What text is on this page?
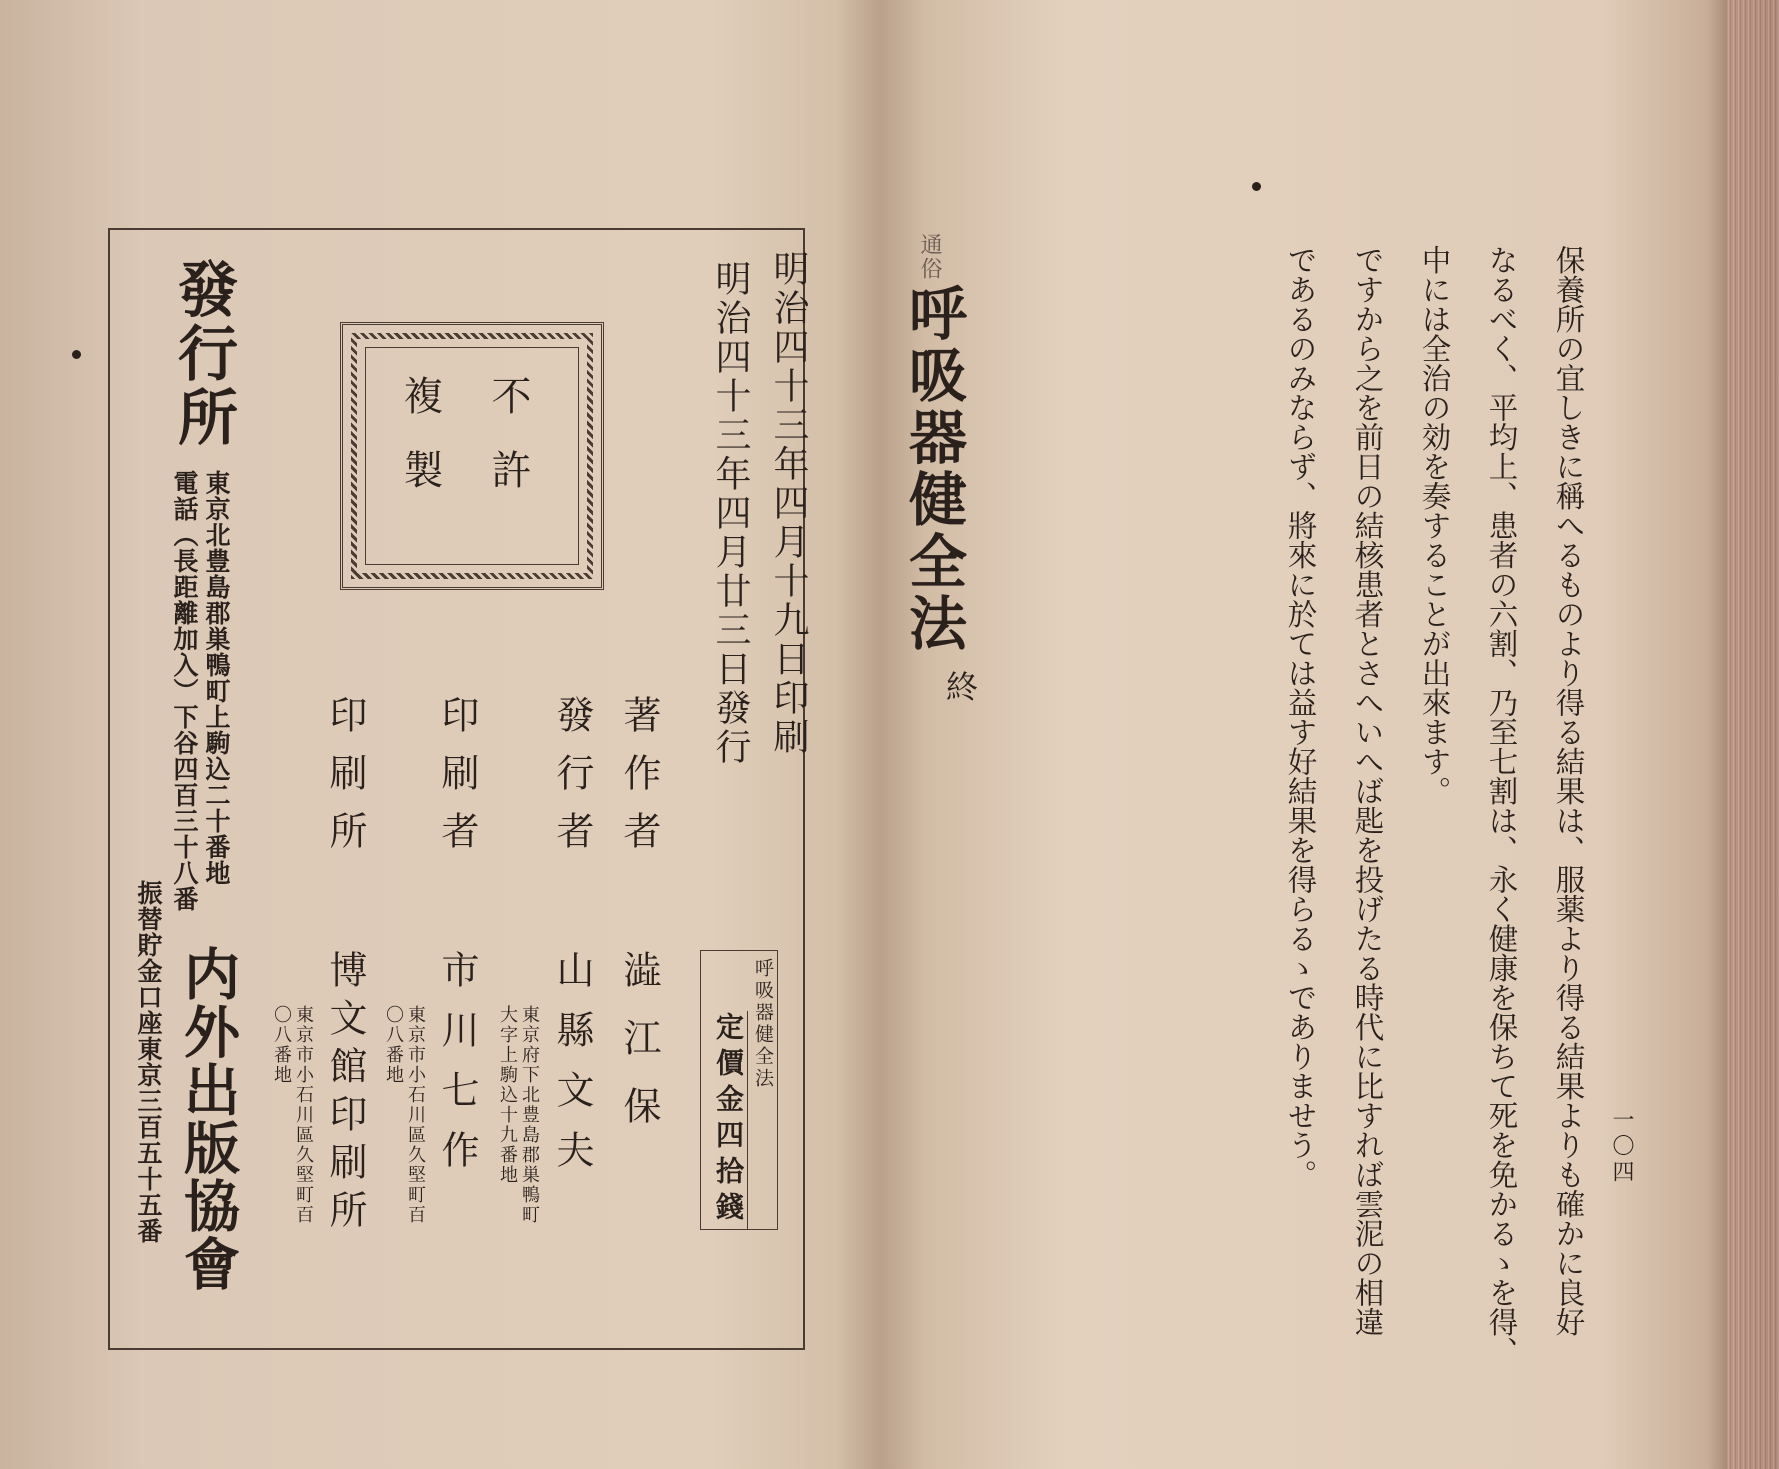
一〇四
保養所の宜しきに稱へるものより得る結果は、服薬より得る結果よりも確かに良好
なるべく、平均上、患者の六割、乃至七割は、永く健康を保ちて死を免かるゝを得、
中には全治の効を奏することが出來ます。
ですから之を前日の結核患者とさへいへば匙を投げたる時代に比すれば雲泥の相違
であるのみならず、將來に於ては益す好結果を得らるゝでありませう。
通俗
呼吸器健全法
終
明治四十三年四月十九日印刷
明治四十三年四月廿三日發行
不許
複製
呼吸器健全法
定價金四拾錢
著作者
發行者
印刷者
印刷所
澁江保
山縣文夫
市川七作
博文館印刷所	東京府下北豊島郡巣鴨町大字上駒込十九番地
東京市小石川區久堅町百〇八番地
東京市小石川區久堅町百〇八番地
發行所
東京北豊島郡巣鴨町上駒込二十番地
電話（長距離加入）下谷四百三十八番
振替貯金口座東京三百五十五番 内外出版協會
